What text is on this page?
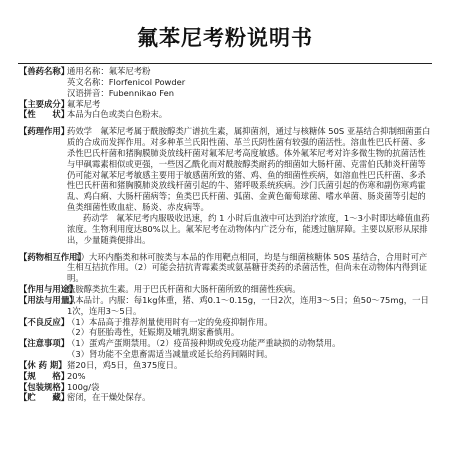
氟苯尼考粉说明书
【兽药名称】
通用名称： 氟苯尼考粉
英文名称： Florfenicol Powder
汉语拼音： Fubennikao Fen
【主要成分】

氟苯尼考

【性　　状】

本品为白色或类白色粉末。

【药理作用】

药效学　氟苯尼考属于酰胺醇类广谱抗生素，属抑菌剂，通过与核糖体 50S 亚基结合抑制细菌蛋白质的合成而发挥作用。对多种革兰氏阳性菌、革兰氏阴性菌有较强的菌活性。溶血性巴氏杆菌、多杀性巴氏杆菌和猪胸膜肺炎放线杆菌对氟苯尼考高度敏感。体外氟苯尼考对许多微生物的抗菌活性与甲砜霉素相似或更强，一些因乙酰化而对酰胺醇类耐药的细菌如大肠杆菌、克雷伯氏肺炎杆菌等仍可能对氟苯尼考敏感主要用于敏感菌所致的猪、鸡、鱼的细菌性疾病，如溶血性巴氏杆菌、多杀性巴氏杆菌和猪胸膜肺炎放线杆菌引起的牛、猪呼吸系统疾病。沙门氏菌引起的伤寒和副伤寒鸡霍乱、鸡白痢、大肠杆菌病等；鱼类巴氏杆菌、弧菌、金黄色葡萄球菌、嗜水单菌、肠炎菌等引起的鱼类细菌性败血症、肠炎、赤皮病等。

药动学　氟苯尼考内服吸收迅速，约 1 小时后血液中可达到治疗浓度，1～3小时即达峰值血药浓度。生物利用度达80%以上。氟苯尼考在动物体内广泛分布，能透过脑屏障。主要以原形从尿排出，少量随粪便排出。

【药物相互作用】

（1）大环内酯类和林可胺类与本品的作用靶点相同，均是与细菌核糖体 50S 基结合，合用时可产生相互拮抗作用。（2）可能会拮抗青霉素类或氨基糖苷类药的杀菌活性，但尚未在动物体内得到证明。

【作用与用途】

酰胺醇类抗生素。用于巴氏杆菌和大肠杆菌所致的细菌性疾病。

【用法与用量】

以本品计。内服：每1kg体重，猪、鸡0.1～0.15g，一日2次，连用3～5日；鱼50～75mg，一日1次，连用3～5日。

【不良反应】

（1）本品高于推荐剂量使用时有一定的免疫抑制作用。

（2）有胚胎毒性，妊娠期及哺乳期家畜慎用。

【注意事项】

（1）蛋鸡产蛋期禁用。（2）疫苗接种期或免疫功能严重缺损的动物禁用。

（3）肾功能不全患畜需适当减量或延长给药间隔时间。

【休 药 期】 猪20日，鸡5日，鱼375度日。

【规　　格】

20%

【包装规格】

100g/袋

【贮　　藏】

密闭，在干燥处保存。
